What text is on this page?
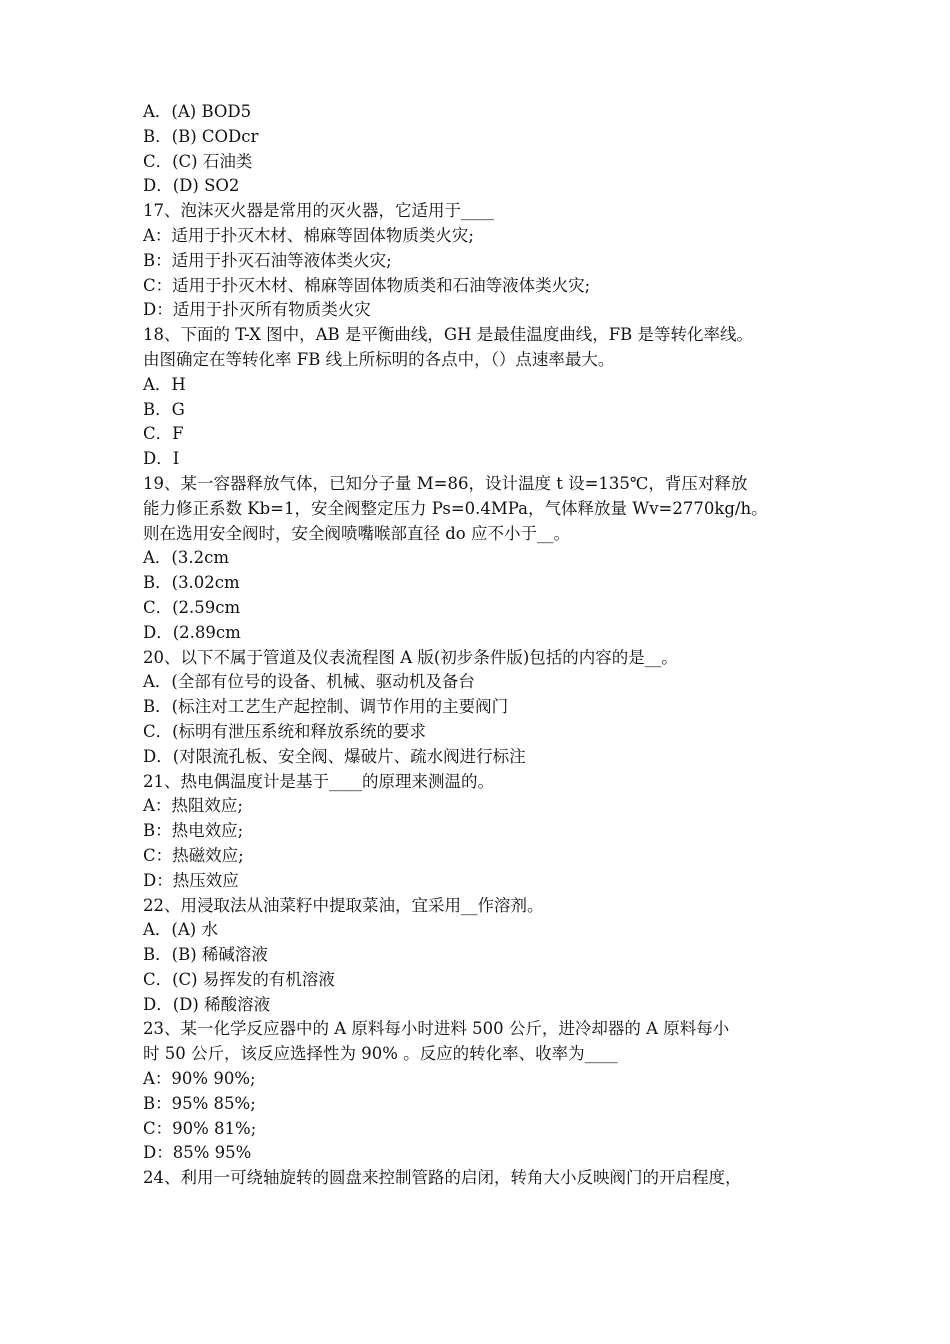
A．(A) BOD5
B．(B) CODcr
C．(C) 石油类
D．(D) SO2
17、泡沫灭火器是常用的灭火器，它适用于____
A：适用于扑灭木材、棉麻等固体物质类火灾;
B：适用于扑灭石油等液体类火灾;
C：适用于扑灭木材、棉麻等固体物质类和石油等液体类火灾;
D：适用于扑灭所有物质类火灾
18、下面的 T-X 图中，AB 是平衡曲线，GH 是最佳温度曲线，FB 是等转化率线。
由图确定在等转化率 FB 线上所标明的各点中，（）点速率最大。
A．H
B．G
C．F
D．I
19、某一容器释放气体，已知分子量 M=86，设计温度 t 设=135℃，背压对释放
能力修正系数 Kb=1，安全阀整定压力 Ps=0.4MPa，气体释放量 Wv=2770kg/h。
则在选用安全阀时，安全阀喷嘴喉部直径 do 应不小于__。
A．(3.2cm
B．(3.02cm
C．(2.59cm
D．(2.89cm
20、以下不属于管道及仪表流程图 A 版(初步条件版)包括的内容的是__。
A．(全部有位号的设备、机械、驱动机及备台
B．(标注对工艺生产起控制、调节作用的主要阀门
C．(标明有泄压系统和释放系统的要求
D．(对限流孔板、安全阀、爆破片、疏水阀进行标注
21、热电偶温度计是基于____的原理来测温的。
A：热阻效应;
B：热电效应;
C：热磁效应;
D：热压效应
22、用浸取法从油菜籽中提取菜油，宜采用__作溶剂。
A．(A) 水
B．(B) 稀碱溶液
C．(C) 易挥发的有机溶液
D．(D) 稀酸溶液
23、某一化学反应器中的 A 原料每小时进料 500 公斤，进冷却器的 A 原料每小
时 50 公斤，该反应选择性为 90% 。反应的转化率、收率为____
A：90% 90%;
B：95% 85%;
C：90% 81%;
D：85% 95%
24、利用一可绕轴旋转的圆盘来控制管路的启闭，转角大小反映阀门的开启程度，
